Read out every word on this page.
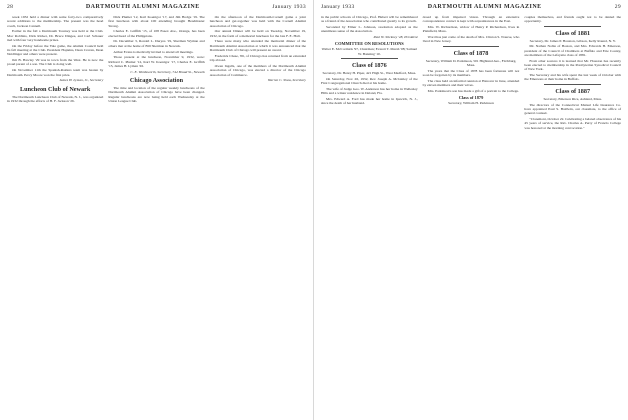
28	DARTMOUTH ALUMNI MAGAZINE	January 1933

week 1932 held a dinner with some forty-two comparatively recent additions to the membership. The present was the head coach, Jackson Cannell.

Earlier in the fall a Dartmouth Tourney was held at the Club. Mac Robbins, Dick Ricker, Dr. Bruce Dingee, and Carl Schauer tied with four very handsome prizes.

On the Friday before the Yale game, the Alumni Council held its fall meeting at the Club. President Hopkins, Dean Craven, Dean Neidlinger and others were present.

Jim B. Hawley '29 was in town from the West. He is now the proud parent of a son. The Club is doing well.

On November 11th the Spanish-Raiders team was beaten by Dartmouth. Percy Moore won the first prize.

James H. Lyman, Jr., Secretary

Luncheon Club of Newark

The Dartmouth Luncheon Club of Newark, N. J., was organized in 1932 through the efforts of H. F. Jackson '26.

Dick Plumer '12, Karl Koenigor '17, and Jim Hodge '19. The first luncheon with about 100 attending brought Headmaster Strong.

Charles E. Griffith '15, of 108 Essex Ave., Orange, has been elected head of the Philippians.

Dr. December 3, Ronald L. Duryea '19, Sherman Wyman and others met at the home of Bill Sherman in Newark.

Arthur Evans is medically invited to attend all meetings.

Those present at the luncheon, November 9, 1932, were: Richard C. Plumer '12, Karl W. Koenigor '17, Charles E. Griffith '15, James H. Lyman '26.

C. E. Wordsworth, Secretary, 744 Broad St., Newark

Chicago Association

The time and location of the regular weekly luncheons of the Dartmouth Alumni Association of Chicago have been changed. Regular luncheons are now being held each Wednesday at the Union League Club.

On the afternoon of the Dartmouth-Cornell game a joint luncheon and get-together was held with the Cornell Alumni Association of Chicago.

Our annual Dinner will be held on Tuesday, November 19, 1932, in the form of a memorial luncheon for the late F. E. Hall.

There were many who attended the memorial dinner of the Dartmouth Alumni Association at which it was announced that the Dartmouth Club of Chicago will present an award.

Frederick Chase, '06, of Chicago has returned from an extended trip abroad.

Owen Ingalls, one of the members of the Dartmouth Alumni Association of Chicago, was elected a director of the Chicago Association of Commerce.

Warren C. Shaw, Secretary

January 1933	DARTMOUTH ALUMNI MAGAZINE	29

in the public schools of Chicago, Prof. Hubert will be remembered as a friend of the Association who contributed greatly to its growth.

Seconded by Elmer L. Johnson, resolution adopted as the unanimous sense of the Association.

Paul W. Stickney '28, President

COMMITTEE ON RESOLUTIONS

Walter E. McCormick '97, Chairman; Everett T. Marsh '08; Samuel W. Banning '10.

Class of 1876

Secretary, Dr. Henry H. Piper, 421 High St., West Medford, Mass.

On Saturday, Nov. 26, 1932, Rev. Joseph A. McGinley of the First Congregational Church died at his home.

The wife of Judge Geo. W. Anderson has her home in Wellesley Hills and a winter residence in Deland, Fla.

Mrs. Edward A. Ford has made her home in Ipswich, N. J., since the death of her husband.

dosed up from impaired vision. Through an extensive correspondence contact is kept with acquaintances in the East.

Mrs. W. Richardson, widow of Henry P. Richardson, lives in Plainfield, Mass.

Word has just come of the death of Mrs. Clinton S. Nourse, who lived in New Jersey.

Class of 1878

Secretary, William D. Parkinson, 501 Highland Ave., Fitchburg, Mass.

The years that the Class of 1878 has been fortunate will not soon be forgotten by its members.

The class held an informal reunion at Hanover in June, attended by eleven members and their wives.

Mrs. Parkinson's son has made a gift of a portrait to the College.

Class of 1879

Secretary, William H. Parkinson

couples themselves, and friends ought not to be denied the opportunity.

Class of 1881

Secretary, Dr. James P. Houston, Gibson, Kelly Round, N. Y.

Mr. Nathan Noble of Boston, and Mrs. Edwards H. Emerson, president of the Council of Chambers at Buffalo and Erie County, are members of the Lafayette class of 1881.

From other sources it is learned that Mr. Houston has recently been elected to membership in the Presbyterian Synodical Council of New York.

The Secretary and his wife spent the last week of October with the Emersons at their home in Buffalo.

Class of 1887

Secretary, Emerson Rice, Ashland, Mass.

The directors of the Connecticut Mutual Life Insurance Co. have appointed Paul S. Baldwin, our classmate, to the office of general counsel.

"Claremont, October 22. Celebrating a belated observance of his 45 years of service, the Rev. Charles A. Perry of Francis College was honored at the morning convocation."
